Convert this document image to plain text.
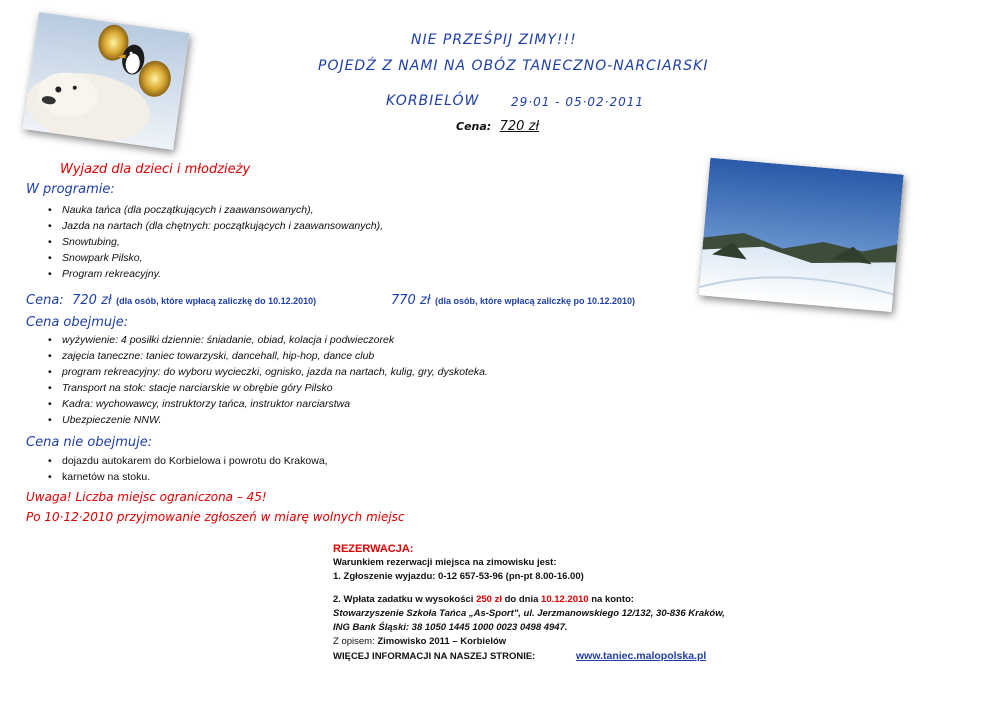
NIE PRZEŚPIJ ZIMY!!!
POJEDŹ Z NAMI NA OBÓZ TANECZNO-NARCIARSKI
KORBIELÓW	29·01 - 05·02·2011
Cena: 720 zł
Wyjazd dla dzieci i młodzieży
W programie:
• Nauka tańca (dla początkujących i zaawansowanych),
• Jazda na nartach (dla chętnych: początkujących i zaawansowanych),
• Snowtubing,
• Snowpark Pilsko,
• Program rekreacyjny.
Cena: 720 zł (dla osób, które wpłacą zaliczkę do 10.12.2010)	770 zł (dla osób, które wpłacą zaliczkę po 10.12.2010)
Cena obejmuje:
• wyżywienie: 4 posiłki dziennie: śniadanie, obiad, kolacja i podwieczorek
• zajęcia taneczne: taniec towarzyski, dancehall, hip-hop, dance club
• program rekreacyjny: do wyboru wycieczki, ognisko, jazda na nartach, kulig, gry, dyskoteka.
• Transport na stok: stacje narciarskie w obrębie góry Pilsko
• Kadra: wychowawcy, instruktorzy tańca, instruktor narciarstwa
• Ubezpieczenie NNW.
Cena nie obejmuje:
• dojazdu autokarem do Korbielowa i powrotu do Krakowa,
• karnetów na stoku.
Uwaga! Liczba miejsc ograniczona – 45!
Po 10·12·2010 przyjmowanie zgłoszeń w miarę wolnych miejsc
REZERWACJA:
Warunkiem rezerwacji miejsca na zimowisku jest:
1. Zgłoszenie wyjazdu: 0-12 657-53-96 (pn-pt 8.00-16.00)
2. Wpłata zadatku w wysokości 250 zł do dnia 10.12.2010 na konto:
Stowarzyszenie Szkoła Tańca „As-Sport", ul. Jerzmanowskiego 12/132, 30-836 Kraków,
ING Bank Śląski: 38 1050 1445 1000 0023 0498 4947.
Z opisem: Zimowisko 2011 – Korbielów
WIĘCEJ INFORMACJI NA NASZEJ STRONIE:	www.taniec.malopolska.pl
